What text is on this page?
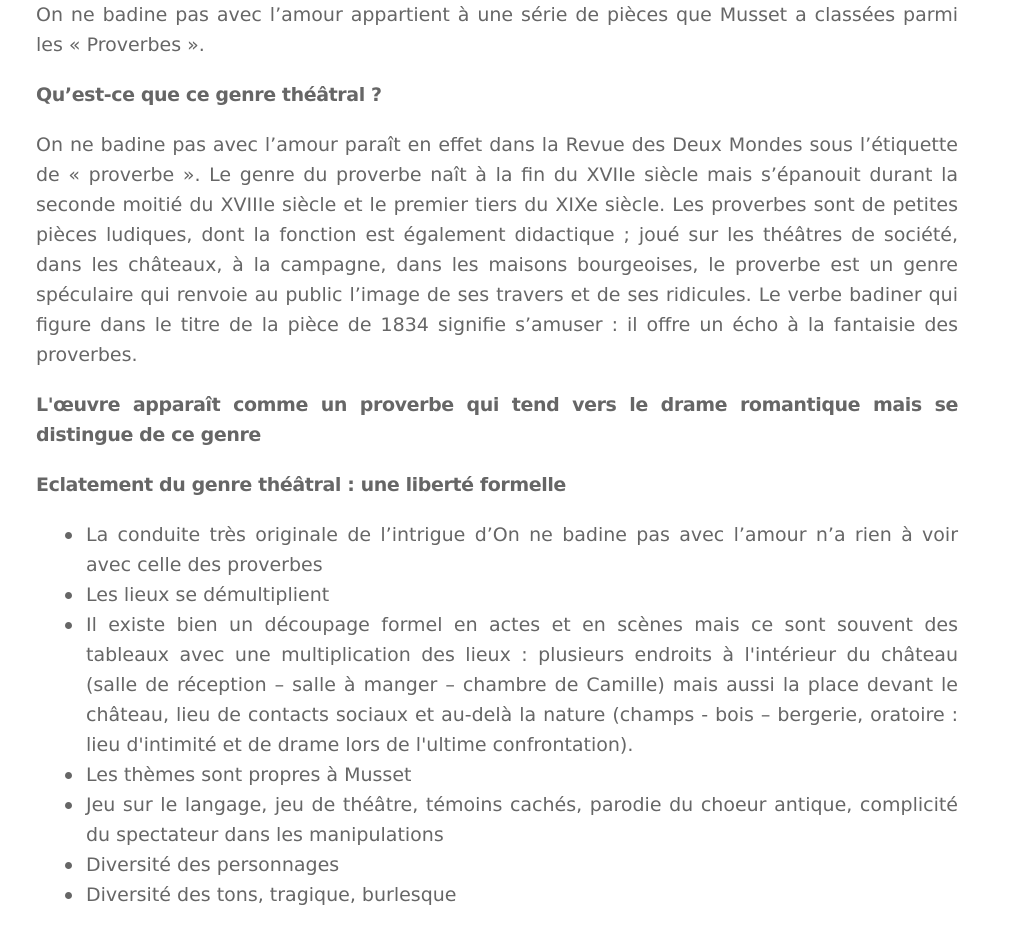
On ne badine pas avec l’amour appartient à une série de pièces que Musset a classées parmi les « Proverbes ».

Qu’est-ce que ce genre théâtral ?

On ne badine pas avec l’amour paraît en effet dans la Revue des Deux Mondes sous l’étiquette de « proverbe ». Le genre du proverbe naît à la fin du XVIIe siècle mais s’épanouit durant la seconde moitié du XVIIIe siècle et le premier tiers du XIXe siècle. Les proverbes sont de petites pièces ludiques, dont la fonction est également didactique ; joué sur les théâtres de société, dans les châteaux, à la campagne, dans les maisons bourgeoises, le proverbe est un genre spéculaire qui renvoie au public l’image de ses travers et de ses ridicules. Le verbe badiner qui figure dans le titre de la pièce de 1834 signifie s’amuser : il offre un écho à la fantaisie des proverbes.

L'œuvre apparaît comme un proverbe qui tend vers le drame romantique mais se distingue de ce genre

Eclatement du genre théâtral : une liberté formelle

La conduite très originale de l’intrigue d’On ne badine pas avec l’amour n’a rien à voir avec celle des proverbes
Les lieux se démultiplient
Il existe bien un découpage formel en actes et en scènes mais ce sont souvent des tableaux avec une multiplication des lieux : plusieurs endroits à l'intérieur du château (salle de réception – salle à manger – chambre de Camille) mais aussi la place devant le château, lieu de contacts sociaux et au-delà la nature (champs - bois – bergerie, oratoire : lieu d'intimité et de drame lors de l'ultime confrontation).
Les thèmes sont propres à Musset
Jeu sur le langage, jeu de théâtre, témoins cachés, parodie du choeur antique, complicité du spectateur dans les manipulations
Diversité des personnages
Diversité des tons, tragique, burlesque
